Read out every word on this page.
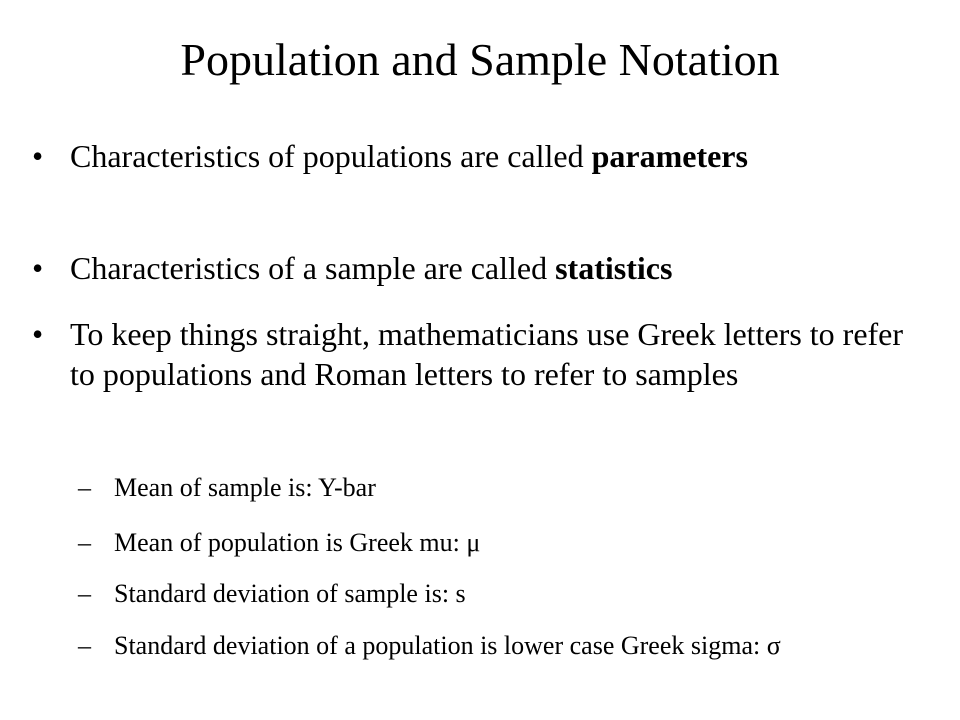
Population and Sample Notation
• Characteristics of populations are called parameters
• Characteristics of a sample are called statistics
• To keep things straight, mathematicians use Greek letters to refer to populations and Roman letters to refer to samples
– Mean of sample is: Y-bar
– Mean of population is Greek mu: μ
– Standard deviation of sample is: s
– Standard deviation of a population is lower case Greek sigma: σ
